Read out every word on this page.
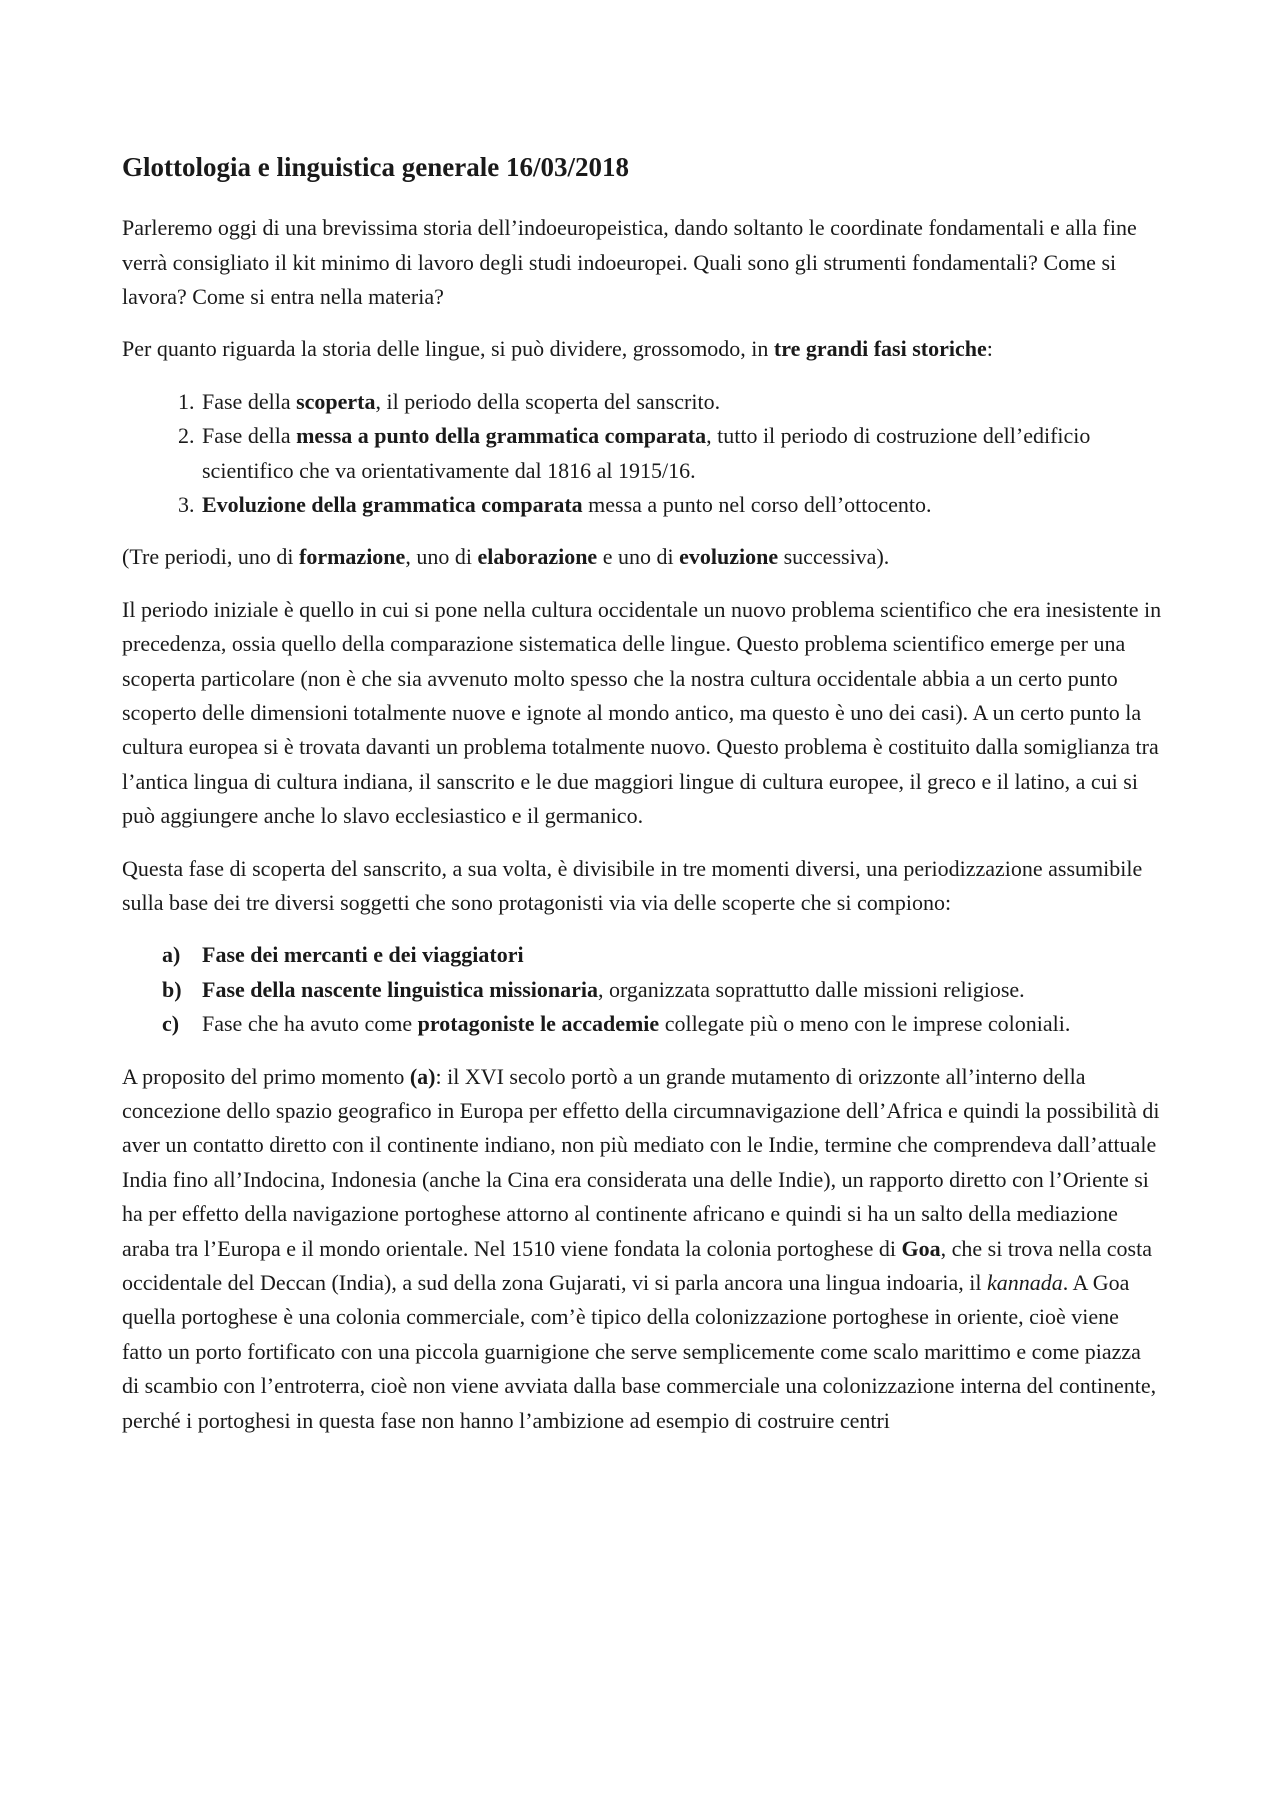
Glottologia e linguistica generale 16/03/2018

Parleremo oggi di una brevissima storia dell’indoeuropeistica, dando soltanto le coordinate fondamentali e alla fine verrà consigliato il kit minimo di lavoro degli studi indoeuropei. Quali sono gli strumenti fondamentali? Come si lavora? Come si entra nella materia?

Per quanto riguarda la storia delle lingue, si può dividere, grossomodo, in tre grandi fasi storiche:

1. Fase della scoperta, il periodo della scoperta del sanscrito.
2. Fase della messa a punto della grammatica comparata, tutto il periodo di costruzione dell’edificio scientifico che va orientativamente dal 1816 al 1915/16.
3. Evoluzione della grammatica comparata messa a punto nel corso dell’ottocento.

(Tre periodi, uno di formazione, uno di elaborazione e uno di evoluzione successiva).

Il periodo iniziale è quello in cui si pone nella cultura occidentale un nuovo problema scientifico che era inesistente in precedenza, ossia quello della comparazione sistematica delle lingue. Questo problema scientifico emerge per una scoperta particolare (non è che sia avvenuto molto spesso che la nostra cultura occidentale abbia a un certo punto scoperto delle dimensioni totalmente nuove e ignote al mondo antico, ma questo è uno dei casi). A un certo punto la cultura europea si è trovata davanti un problema totalmente nuovo. Questo problema è costituito dalla somiglianza tra l’antica lingua di cultura indiana, il sanscrito e le due maggiori lingue di cultura europee, il greco e il latino, a cui si può aggiungere anche lo slavo ecclesiastico e il germanico.

Questa fase di scoperta del sanscrito, a sua volta, è divisibile in tre momenti diversi, una periodizzazione assumibile sulla base dei tre diversi soggetti che sono protagonisti via via delle scoperte che si compiono:

a) Fase dei mercanti e dei viaggiatori
b) Fase della nascente linguistica missionaria, organizzata soprattutto dalle missioni religiose.
c) Fase che ha avuto come protagoniste le accademie collegate più o meno con le imprese coloniali.

A proposito del primo momento (a): il XVI secolo portò a un grande mutamento di orizzonte all’interno della concezione dello spazio geografico in Europa per effetto della circumnavigazione dell’Africa e quindi la possibilità di aver un contatto diretto con il continente indiano, non più mediato con le Indie, termine che comprendeva dall’attuale India fino all’Indocina, Indonesia (anche la Cina era considerata una delle Indie), un rapporto diretto con l’Oriente si ha per effetto della navigazione portoghese attorno al continente africano e quindi si ha un salto della mediazione araba tra l’Europa e il mondo orientale. Nel 1510 viene fondata la colonia portoghese di Goa, che si trova nella costa occidentale del Deccan (India), a sud della zona Gujarati, vi si parla ancora una lingua indoaria, il kannada. A Goa quella portoghese è una colonia commerciale, com’è tipico della colonizzazione portoghese in oriente, cioè viene fatto un porto fortificato con una piccola guarnigione che serve semplicemente come scalo marittimo e come piazza di scambio con l’entroterra, cioè non viene avviata dalla base commerciale una colonizzazione interna del continente, perché i portoghesi in questa fase non hanno l’ambizione ad esempio di costruire centri
